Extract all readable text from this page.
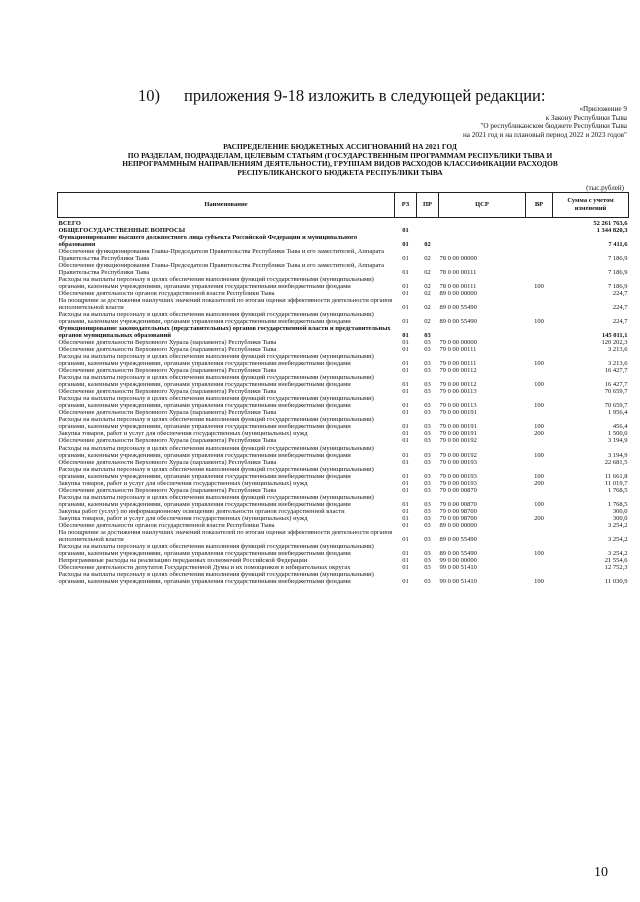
10) приложения 9-18 изложить в следующей редакции:
«Приложение 9
к Закону Республики Тыва
"О республиканском бюджете Республики Тыва
на 2021 год и на плановый период 2022 и 2023 годов"
РАСПРЕДЕЛЕНИЕ БЮДЖЕТНЫХ АССИГНОВАНИЙ НА 2021 ГОД
ПО РАЗДЕЛАМ, ПОДРАЗДЕЛАМ, ЦЕЛЕВЫМ СТАТЬЯМ (ГОСУДАРСТВЕННЫМ ПРОГРАММАМ РЕСПУБЛИКИ ТЫВА И
НЕПРОГРАММНЫМ НАПРАВЛЕНИЯМ ДЕЯТЕЛЬНОСТИ), ГРУППАМ ВИДОВ РАСХОДОВ КЛАССИФИКАЦИИ РАСХОДОВ
РЕСПУБЛИКАНСКОГО БЮДЖЕТА РЕСПУБЛИКИ ТЫВА
(тыс.рублей)
Наименование	РЗ	ПР	ЦСР	ВР	Сумма с учетом изменений
ВСЕГО					52 261 763,6
ОБЩЕГОСУДАРСТВЕННЫЕ ВОПРОСЫ	01				1 344 820,3
Функционирование высшего должностного лица субъекта Российской Федерации и муниципального образования	01	02			7 411,6
Обеспечение функционирования Главы-Председателя Правительства Республики Тыва и его заместителей, Аппарата Правительства Республики Тыва	01	02	78 0 00 00000		7 186,9
Обеспечение функционирования Главы-Председателя Правительства Республики Тыва и его заместителей, Аппарата Правительства Республики Тыва	01	02	78 0 00 00111		7 186,9
Расходы на выплаты персоналу в целях обеспечения выполнения функций государственными (муниципальными) органами, казенными учреждениями, органами управления государственными внебюджетными фондами	01	02	78 0 00 00111	100	7 186,9
Обеспечение деятельности органов государственной власти Республики Тыва	01	02	89 0 00 00000		224,7
На поощрение за достижения наилучших значений показателей по итогам оценки эффективности деятельности органов исполнительной власти	01	02	89 0 00 55490		224,7
Расходы на выплаты персоналу в целях обеспечения выполнения функций государственными (муниципальными) органами, казенными учреждениями, органами управления государственными внебюджетными фондами	01	02	89 0 00 55490	100	224,7
Функционирование законодательных (представительных) органов государственной власти и представительных органов муниципальных образований	01	03			145 011,1
Обеспечение деятельности Верховного Хурала (парламента) Республики Тыва	01	03	79 0 00 00000		120 202,3
Обеспечение деятельности Верховного Хурала (парламента) Республики Тыва	01	03	79 0 00 00111		3 213,6
Расходы на выплаты персоналу в целях обеспечения выполнения функций государственными (муниципальными) органами, казенными учреждениями, органами управления государственными внебюджетными фондами	01	03	79 0 00 00111	100	3 213,6
Обеспечение деятельности Верховного Хурала (парламента) Республики Тыва	01	03	79 0 00 00112		16 427,7
Расходы на выплаты персоналу в целях обеспечения выполнения функций государственными (муниципальными) органами, казенными учреждениями, органами управления государственными внебюджетными фондами	01	03	79 0 00 00112	100	16 427,7
Обеспечение деятельности Верховного Хурала (парламента) Республики Тыва	01	03	79 0 00 00113		70 659,7
Расходы на выплаты персоналу в целях обеспечения выполнения функций государственными (муниципальными) органами, казенными учреждениями, органами управления государственными внебюджетными фондами	01	03	79 0 00 00113	100	70 659,7
Обеспечение деятельности Верховного Хурала (парламента) Республики Тыва	01	03	79 0 00 00191		1 956,4
Расходы на выплаты персоналу в целях обеспечения выполнения функций государственными (муниципальными) органами, казенными учреждениями, органами управления государственными внебюджетными фондами	01	03	79 0 00 00191	100	456,4
Закупка товаров, работ и услуг для обеспечения государственных (муниципальных) нужд	01	03	79 0 00 00191	200	1 500,0
Обеспечение деятельности Верховного Хурала (парламента) Республики Тыва	01	03	79 0 00 00192		3 194,9
Расходы на выплаты персоналу в целях обеспечения выполнения функций государственными (муниципальными) органами, казенными учреждениями, органами управления государственными внебюджетными фондами	01	03	79 0 00 00192	100	3 194,9
Обеспечение деятельности Верховного Хурала (парламента) Республики Тыва	01	03	79 0 00 00193		22 681,5
Расходы на выплаты персоналу в целях обеспечения выполнения функций государственными (муниципальными) органами, казенными учреждениями, органами управления государственными внебюджетными фондами	01	03	79 0 00 00193	100	11 661,8
Закупка товаров, работ и услуг для обеспечения государственных (муниципальных) нужд	01	03	79 0 00 00193	200	11 019,7
Обеспечение деятельности Верховного Хурала (парламента) Республики Тыва	01	03	79 0 00 00870		1 768,5
Расходы на выплаты персоналу в целях обеспечения выполнения функций государственными (муниципальными) органами, казенными учреждениями, органами управления государственными внебюджетными фондами	01	03	79 0 00 00870	100	1 768,5
Закупка работ (услуг) по информационному освещению деятельности органов государственной власти	01	03	79 0 00 98700		300,0
Закупка товаров, работ и услуг для обеспечения государственных (муниципальных) нужд	01	03	79 0 00 98700	200	300,0
Обеспечение деятельности органов государственной власти Республики Тыва	01	03	89 0 00 00000		3 254,2
На поощрение за достижения наилучших значений показателей по итогам оценки эффективности деятельности органов исполнительной власти	01	03	89 0 00 55490		3 254,2
Расходы на выплаты персоналу в целях обеспечения выполнения функций государственными (муниципальными) органами, казенными учреждениями, органами управления государственными внебюджетными фондами	01	03	89 0 00 55490	100	3 254,2
Непрограммные расходы на реализацию переданных полномочий Российской Федерации	01	03	99 0 00 00000		21 554,6
Обеспечение деятельности депутатов Государственной Думы и их помощников в избирательных округах	01	03	99 0 00 51410		12 752,3
Расходы на выплаты персоналу в целях обеспечения выполнения функций государственными (муниципальными) органами, казенными учреждениями, органами управления государственными внебюджетными фондами	01	03	99 0 00 51410	100	11 030,9
10
